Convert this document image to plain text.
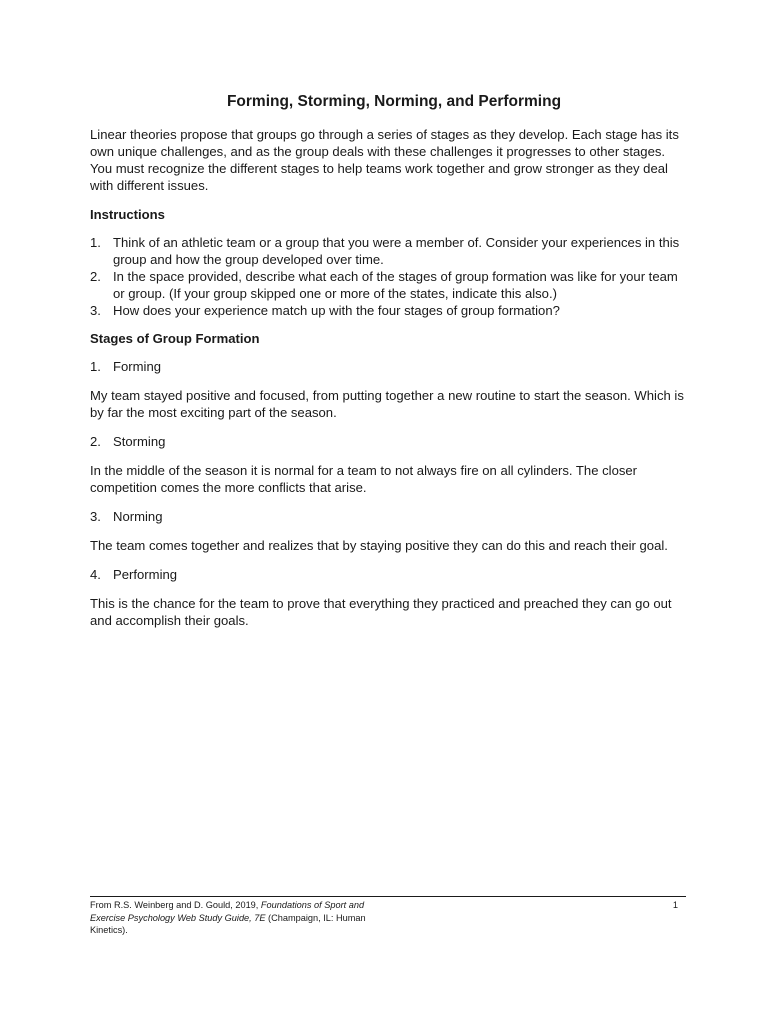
Forming, Storming, Norming, and Performing

Linear theories propose that groups go through a series of stages as they develop. Each stage has its own unique challenges, and as the group deals with these challenges it progresses to other stages. You must recognize the different stages to help teams work together and grow stronger as they deal with different issues.

Instructions
1. Think of an athletic team or a group that you were a member of. Consider your experiences in this group and how the group developed over time.
2. In the space provided, describe what each of the stages of group formation was like for your team or group. (If your group skipped one or more of the states, indicate this also.)
3. How does your experience match up with the four stages of group formation?
Stages of Group Formation
1. Forming

My team stayed positive and focused, from putting together a new routine to start the season. Which is by far the most exciting part of the season.

2. Storming

In the middle of the season it is normal for a team to not always fire on all cylinders. The closer competition comes the more conflicts that arise.

3. Norming

The team comes together and realizes that by staying positive they can do this and reach their goal.

4. Performing

This is the chance for the team to prove that everything they practiced and preached they can go out and accomplish their goals.

From R.S. Weinberg and D. Gould, 2019, Foundations of Sport and Exercise Psychology Web Study Guide, 7E (Champaign, IL: Human Kinetics).
1
